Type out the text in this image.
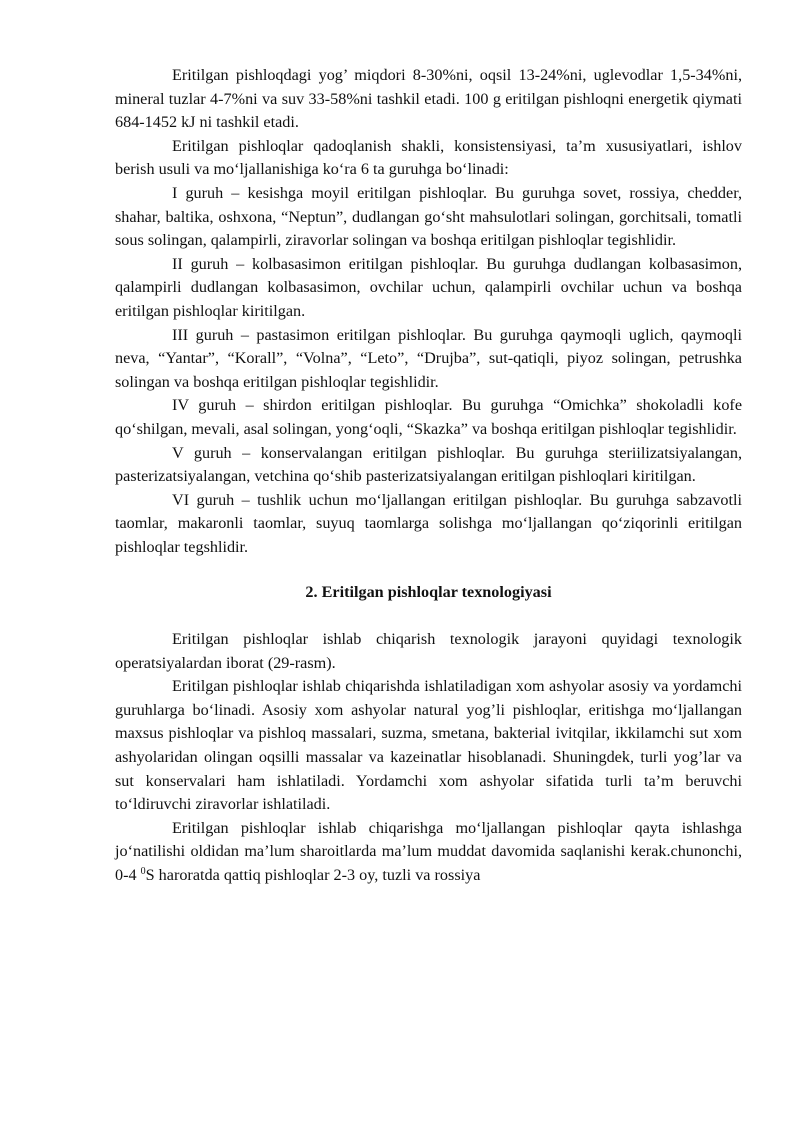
Eritilgan pishloqdagi yog’ miqdori 8-30%ni, oqsil 13-24%ni, uglevodlar 1,5-34%ni, mineral tuzlar 4-7%ni va suv 33-58%ni tashkil etadi. 100 g eritilgan pishloqni energetik qiymati 684-1452 kJ ni tashkil etadi.

Eritilgan pishloqlar qadoqlanish shakli, konsistensiyasi, ta’m xususiyatlari, ishlov berish usuli va mo‘ljallanishiga ko‘ra 6 ta guruhga bo‘linadi:

I guruh – kesishga moyil eritilgan pishloqlar. Bu guruhga sovet, rossiya, chedder, shahar, baltika, oshxona, “Neptun”, dudlangan go‘sht mahsulotlari solingan, gorchitsali, tomatli sous solingan, qalampirli, ziravorlar solingan va boshqa eritilgan pishloqlar tegishlidir.

II guruh – kolbasasimon eritilgan pishloqlar. Bu guruhga dudlangan kolbasasimon, qalampirli dudlangan kolbasasimon, ovchilar uchun, qalampirli ovchilar uchun va boshqa eritilgan pishloqlar kiritilgan.

III guruh – pastasimon eritilgan pishloqlar. Bu guruhga qaymoqli uglich, qaymoqli neva, “Yantar”, “Korall”, “Volna”, “Leto”, “Drujba”, sut-qatiqli, piyoz solingan, petrushka solingan va boshqa eritilgan pishloqlar tegishlidir.

IV guruh – shirdon eritilgan pishloqlar. Bu guruhga “Omichka” shokoladli kofe qo‘shilgan, mevali, asal solingan, yong‘oqli, “Skazka” va boshqa eritilgan pishloqlar tegishlidir.

V guruh – konservalangan eritilgan pishloqlar. Bu guruhga steriilizatsiyalangan, pasterizatsiyalangan, vetchina qo‘shib pasterizatsiyalangan eritilgan pishloqlari kiritilgan.

VI guruh – tushlik uchun mo‘ljallangan eritilgan pishloqlar. Bu guruhga sabzavotli taomlar, makaronli taomlar, suyuq taomlarga solishga mo‘ljallangan qo‘ziqorinli eritilgan pishloqlar tegshlidir.

2. Eritilgan pishloqlar texnologiyasi

Eritilgan pishloqlar ishlab chiqarish texnologik jarayoni quyidagi texnologik operatsiyalardan iborat (29-rasm).

Eritilgan pishloqlar ishlab chiqarishda ishlatiladigan xom ashyolar asosiy va yordamchi guruhlarga bo‘linadi. Asosiy xom ashyolar natural yog’li pishloqlar, eritishga mo‘ljallangan maxsus pishloqlar va pishloq massalari, suzma, smetana, bakterial ivitqilar, ikkilamchi sut xom ashyolaridan olingan oqsilli massalar va kazeinatlar hisoblanadi. Shuningdek, turli yog’lar va sut konservalari ham ishlatiladi. Yordamchi xom ashyolar sifatida turli ta’m beruvchi to‘ldiruvchi ziravorlar ishlatiladi.

Eritilgan pishloqlar ishlab chiqarishga mo‘ljallangan pishloqlar qayta ishlashga jo‘natilishi oldidan ma’lum sharoitlarda ma’lum muddat davomida saqlanishi kerak.chunonchi, 0-4 $^0$S haroratda qattiq pishloqlar 2-3 oy, tuzli va rossiya
